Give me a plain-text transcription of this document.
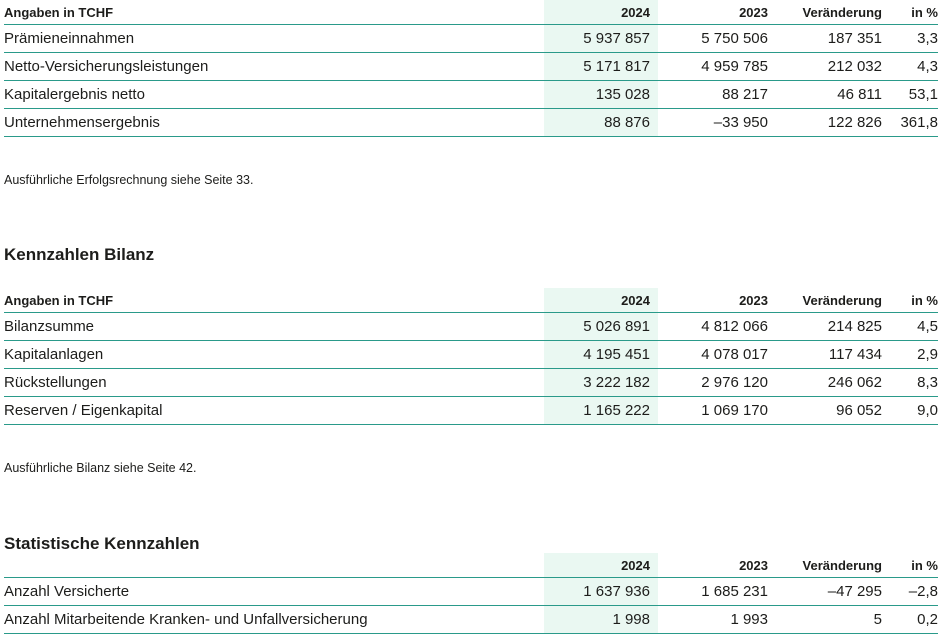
Angaben in TCHF	2024	2023	Veränderung	in %
Prämieneinnahmen	5 937 857	5 750 506	187 351	3,3
Netto-Versicherungsleistungen	5 171 817	4 959 785	212 032	4,3
Kapitalergebnis netto	135 028	88 217	46 811	53,1
Unternehmensergebnis	88 876	–33 950	122 826	361,8
Ausführliche Erfolgsrechnung siehe Seite 33.
Kennzahlen Bilanz
Angaben in TCHF	2024	2023	Veränderung	in %
Bilanzsumme	5 026 891	4 812 066	214 825	4,5
Kapitalanlagen	4 195 451	4 078 017	117 434	2,9
Rückstellungen	3 222 182	2 976 120	246 062	8,3
Reserven / Eigenkapital	1 165 222	1 069 170	96 052	9,0
Ausführliche Bilanz siehe Seite 42.
Statistische Kennzahlen
	2024	2023	Veränderung	in %
Anzahl Versicherte	1 637 936	1 685 231	–47 295	–2,8
Anzahl Mitarbeitende Kranken- und Unfallversicherung	1 998	1 993	5	0,2
